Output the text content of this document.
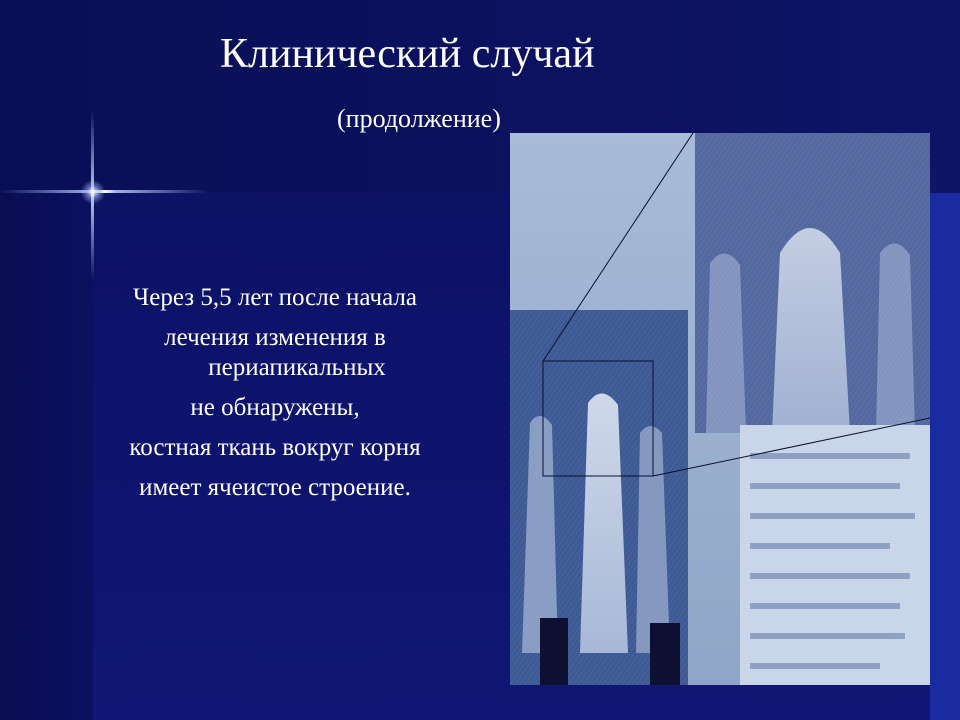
Клинический случай
(продолжение)
Через 5,5 лет после начала
лечения изменения в
периапикальных
не обнаружены,
костная ткань вокруг корня
имеет ячеистое строение.
